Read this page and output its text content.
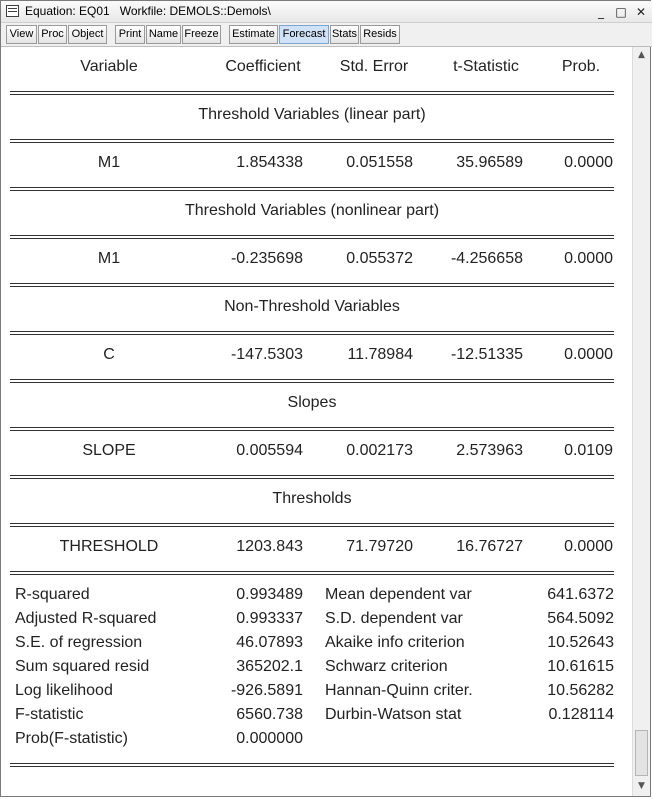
Equation: EQ01   Workfile: DEMOLS::Demols\	_ □ ✕
View Proc Object	Print Name Freeze Estimate Forecast Stats Resids
Variable	Coefficient	Std. Error	t-Statistic	Prob.
Threshold Variables (linear part)
M1	1.854338	0.051558	35.96589	0.0000
Threshold Variables (nonlinear part)
M1	-0.235698	0.055372	-4.256658	0.0000
Non-Threshold Variables
C	-147.5303	11.78984	-12.51335	0.0000
Slopes
SLOPE	0.005594	0.002173	2.573963	0.0109
Thresholds
THRESHOLD	1203.843	71.79720	16.76727	0.0000
R-squared	0.993489 Mean dependent var	641.6372
Adjusted R-squared	0.993337 S.D. dependent var	564.5092
S.E. of regression	46.07893 Akaike info criterion	10.52643
Sum squared resid	365202.1 Schwarz criterion	10.61615
Log likelihood	-926.5891 Hannan-Quinn criter.	10.56282
F-statistic	6560.738 Durbin-Watson stat	0.128114
Prob(F-statistic)	0.000000
▲
▼
